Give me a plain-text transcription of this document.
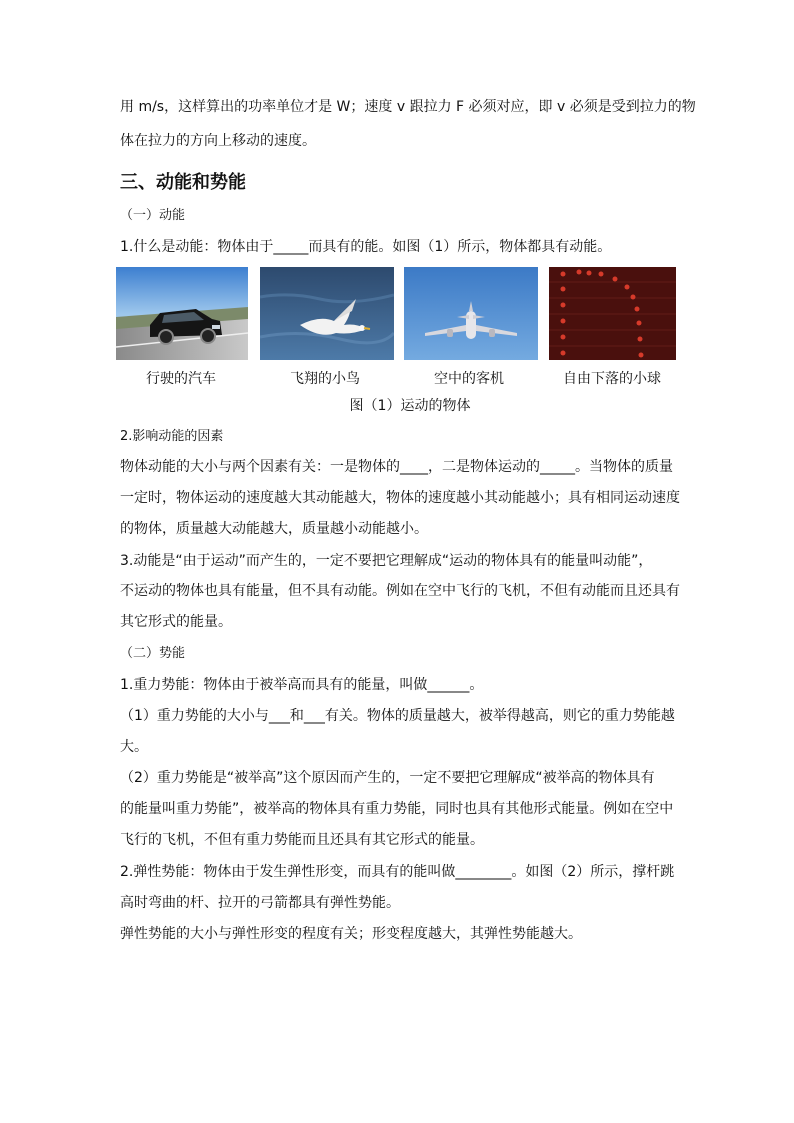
用 m/s，这样算出的功率单位才是 W；速度 v 跟拉力 F 必须对应，即 v 必须是受到拉力的物
体在拉力的方向上移动的速度。
三、动能和势能
（一）动能
1.什么是动能：物体由于_____而具有的能。如图（1）所示，物体都具有动能。
行驶的汽车	飞翔的小鸟	空中的客机	自由下落的小球
图（1）运动的物体
2.影响动能的因素
物体动能的大小与两个因素有关：一是物体的____，二是物体运动的_____。当物体的质量
一定时，物体运动的速度越大其动能越大，物体的速度越小其动能越小；具有相同运动速度
的物体，质量越大动能越大，质量越小动能越小。
3.动能是“由于运动”而产生的，一定不要把它理解成“运动的物体具有的能量叫动能”，
不运动的物体也具有能量，但不具有动能。例如在空中飞行的飞机，不但有动能而且还具有
其它形式的能量。
（二）势能
1.重力势能：物体由于被举高而具有的能量，叫做______。
（1）重力势能的大小与___和___有关。物体的质量越大，被举得越高，则它的重力势能越
大。
（2）重力势能是“被举高”这个原因而产生的，一定不要把它理解成“被举高的物体具有
的能量叫重力势能”，被举高的物体具有重力势能，同时也具有其他形式能量。例如在空中
飞行的飞机，不但有重力势能而且还具有其它形式的能量。
2.弹性势能：物体由于发生弹性形变，而具有的能叫做________。如图（2）所示，撑杆跳
高时弯曲的杆、拉开的弓箭都具有弹性势能。
弹性势能的大小与弹性形变的程度有关；形变程度越大，其弹性势能越大。
